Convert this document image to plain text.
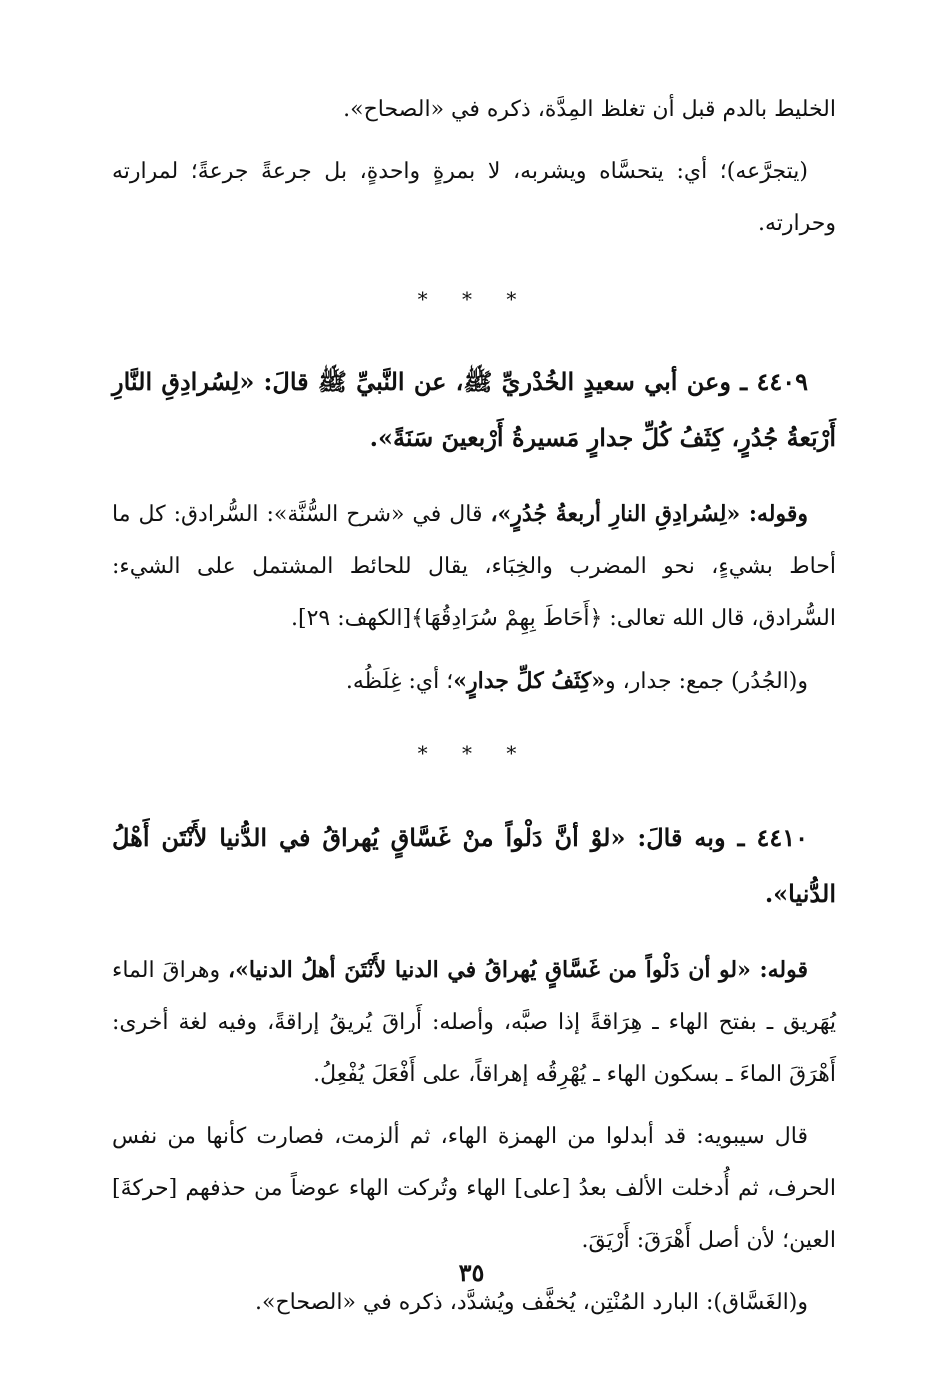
الخليط بالدم قبل أن تغلظ المِدَّة، ذكره في «الصحاح».

(يتجرَّعه)؛ أي: يتحسَّاه ويشربه، لا بمرةٍ واحدةٍ، بل جرعةً جرعةً؛ لمرارته وحرارته.

* * *

٤٤٠٩ ـ وعن أبي سعيدٍ الخُدْريِّ ﷺ، عن النَّبيِّ ﷺ قالَ: «لِسُرادِقِ النَّارِ أَرْبَعةُ جُدُرٍ، كِثَفُ كُلِّ جدارٍ مَسيرةُ أَرْبعينَ سَنَةً».

وقوله: «لِسُرادِقِ النارِ أربعةُ جُدُرٍ»، قال في «شرح السُّنَّة»: السُّرادق: كل ما أحاط بشيءٍ، نحو المضرب والخِبَاء، يقال للحائط المشتمل على الشيء: السُّرادق، قال الله تعالى: ﴿أَحَاطَ بِهِمْ سُرَادِقُهَا﴾[الكهف: ٢٩].

و(الجُدُر) جمع: جدار، و«كِثَفُ كلِّ جدارٍ»؛ أي: غِلَظُه.

* * *

٤٤١٠ ـ وبه قالَ: «لوْ أنَّ دَلْواً منْ غَسَّاقٍ يُهراقُ في الدُّنيا لأَنْتَن أَهْلُ الدُّنيا».

قوله: «لو أن دَلْواً من غَسَّاقٍ يُهراقُ في الدنيا لأَنْتَنَ أهلُ الدنيا»، وهراقَ الماء يُهَريق ـ بفتح الهاء ـ هِرَاقةً إذا صبَّه، وأصله: أَراقَ يُريقُ إراقةً، وفيه لغة أخرى: أَهْرَقَ الماءَ ـ بسكون الهاء ـ يُهْرِقُه إهراقاً، على أَفْعَلَ يُفْعِلُ.

قال سيبويه: قد أبدلوا من الهمزة الهاء، ثم ألزمت، فصارت كأنها من نفس الحرف، ثم أُدخلت الألف بعدُ [على] الهاء وتُركت الهاء عوضاً من حذفهم [حركةَ] العين؛ لأن أصل أَهْرَقَ: أَرْيَقَ.

و(الغَسَّاق): البارد المُنْتِن، يُخفَّف ويُشدَّد، ذكره في «الصحاح».

٣٥
